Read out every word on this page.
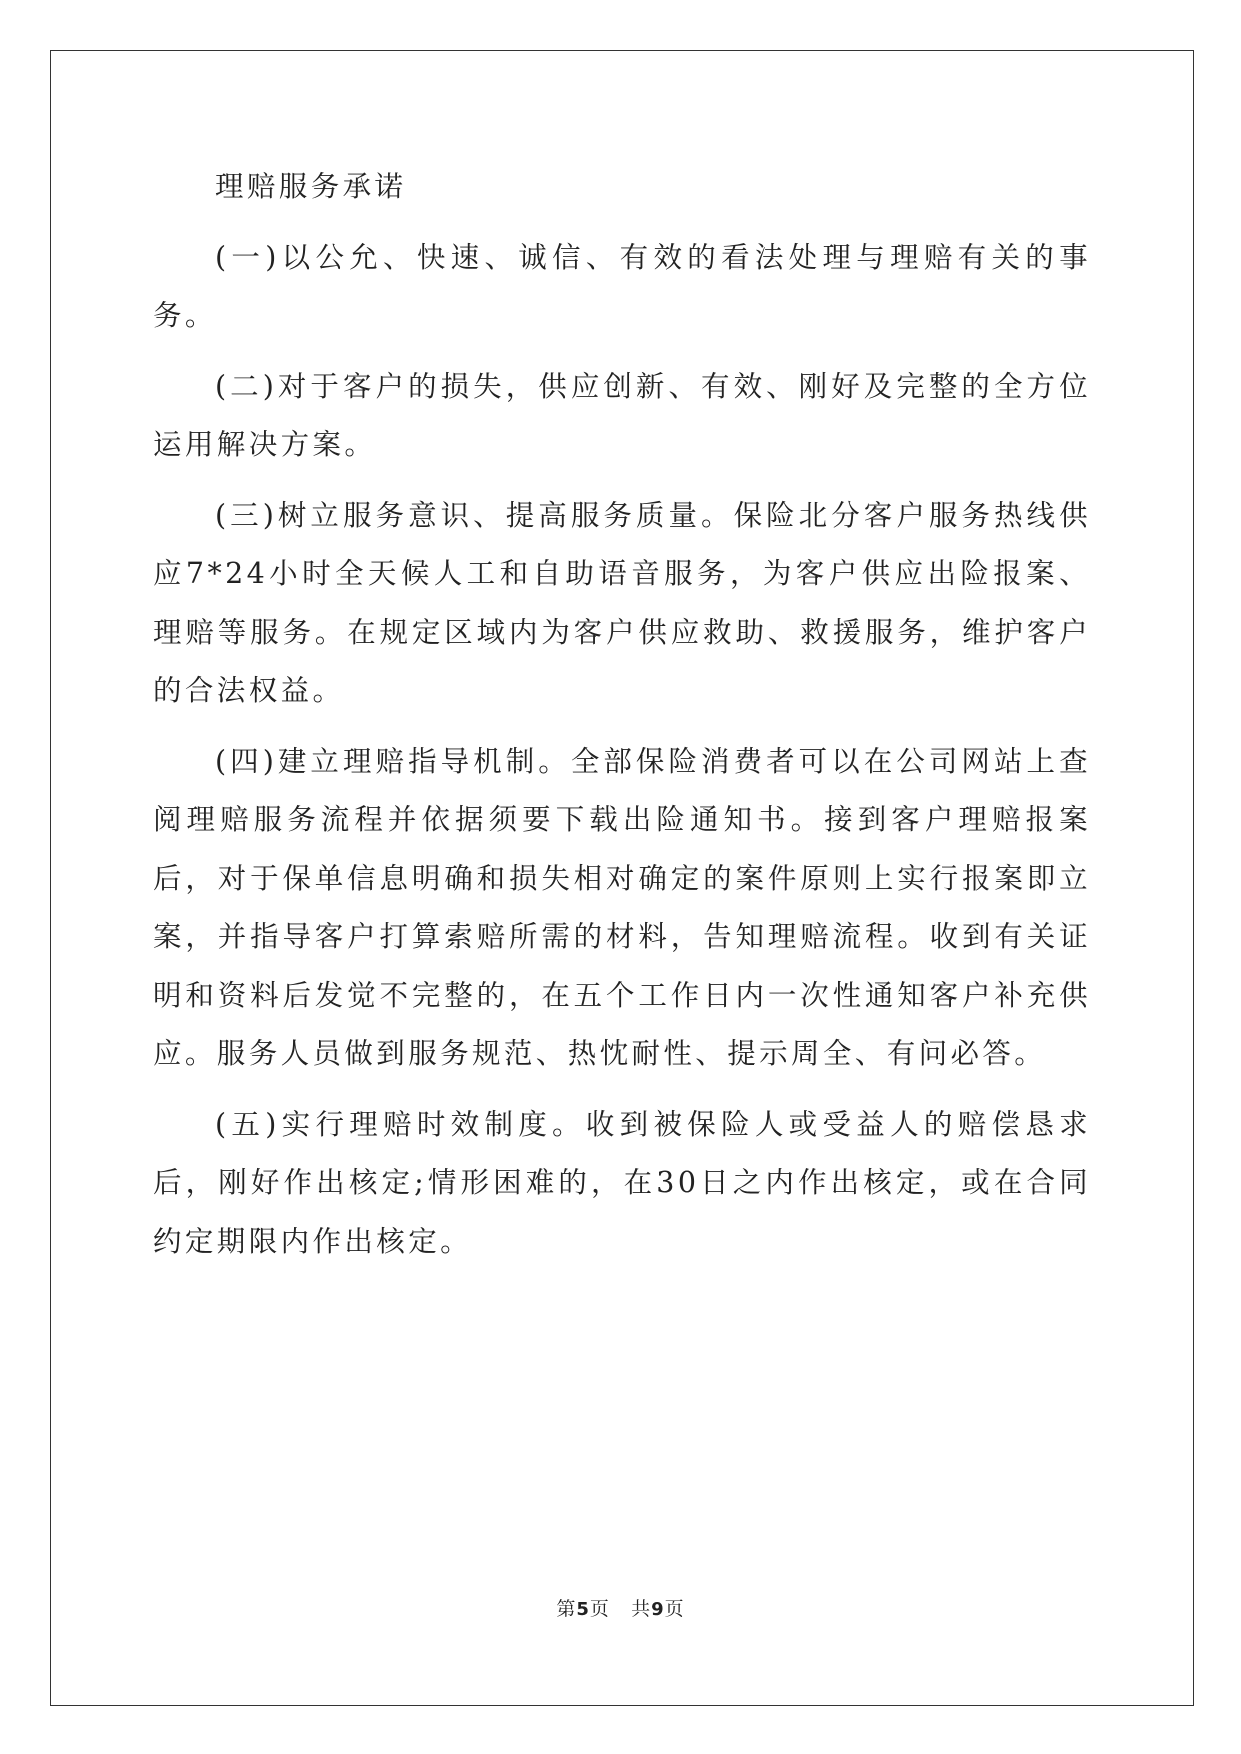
理赔服务承诺

(一)以公允、快速、诚信、有效的看法处理与理赔有关的事务。

(二)对于客户的损失，供应创新、有效、刚好及完整的全方位运用解决方案。

(三)树立服务意识、提高服务质量。保险北分客户服务热线供应7*24小时全天候人工和自助语音服务，为客户供应出险报案、理赔等服务。在规定区域内为客户供应救助、救援服务，维护客户的合法权益。

(四)建立理赔指导机制。全部保险消费者可以在公司网站上查阅理赔服务流程并依据须要下载出险通知书。接到客户理赔报案后，对于保单信息明确和损失相对确定的案件原则上实行报案即立案，并指导客户打算索赔所需的材料，告知理赔流程。收到有关证明和资料后发觉不完整的，在五个工作日内一次性通知客户补充供应。服务人员做到服务规范、热忱耐性、提示周全、有问必答。

(五)实行理赔时效制度。收到被保险人或受益人的赔偿恳求后，刚好作出核定;情形困难的，在30日之内作出核定，或在合同约定期限内作出核定。

第5页 共9页
